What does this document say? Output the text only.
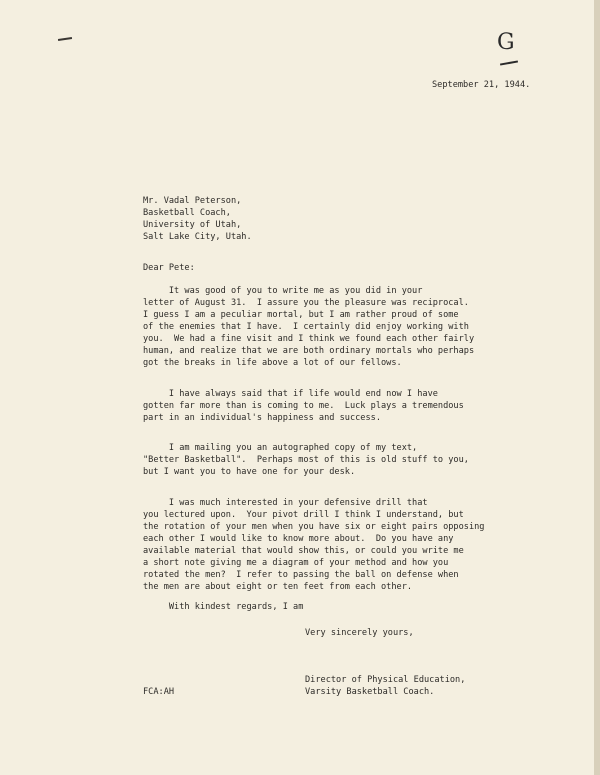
G
September 21, 1944.
Mr. Vadal Peterson,
Basketball Coach,
University of Utah,
Salt Lake City, Utah.
Dear Pete:
It was good of you to write me as you did in your
letter of August 31.  I assure you the pleasure was reciprocal.
I guess I am a peculiar mortal, but I am rather proud of some
of the enemies that I have.  I certainly did enjoy working with
you.  We had a fine visit and I think we found each other fairly
human, and realize that we are both ordinary mortals who perhaps
got the breaks in life above a lot of our fellows.
I have always said that if life would end now I have
gotten far more than is coming to me.  Luck plays a tremendous
part in an individual's happiness and success.
I am mailing you an autographed copy of my text,
"Better Basketball".  Perhaps most of this is old stuff to you,
but I want you to have one for your desk.
I was much interested in your defensive drill that
you lectured upon.  Your pivot drill I think I understand, but
the rotation of your men when you have six or eight pairs opposing
each other I would like to know more about.  Do you have any
available material that would show this, or could you write me
a short note giving me a diagram of your method and how you
rotated the men?  I refer to passing the ball on defense when
the men are about eight or ten feet from each other.
With kindest regards, I am
Very sincerely yours,
Director of Physical Education,
Varsity Basketball Coach.
FCA:AH
